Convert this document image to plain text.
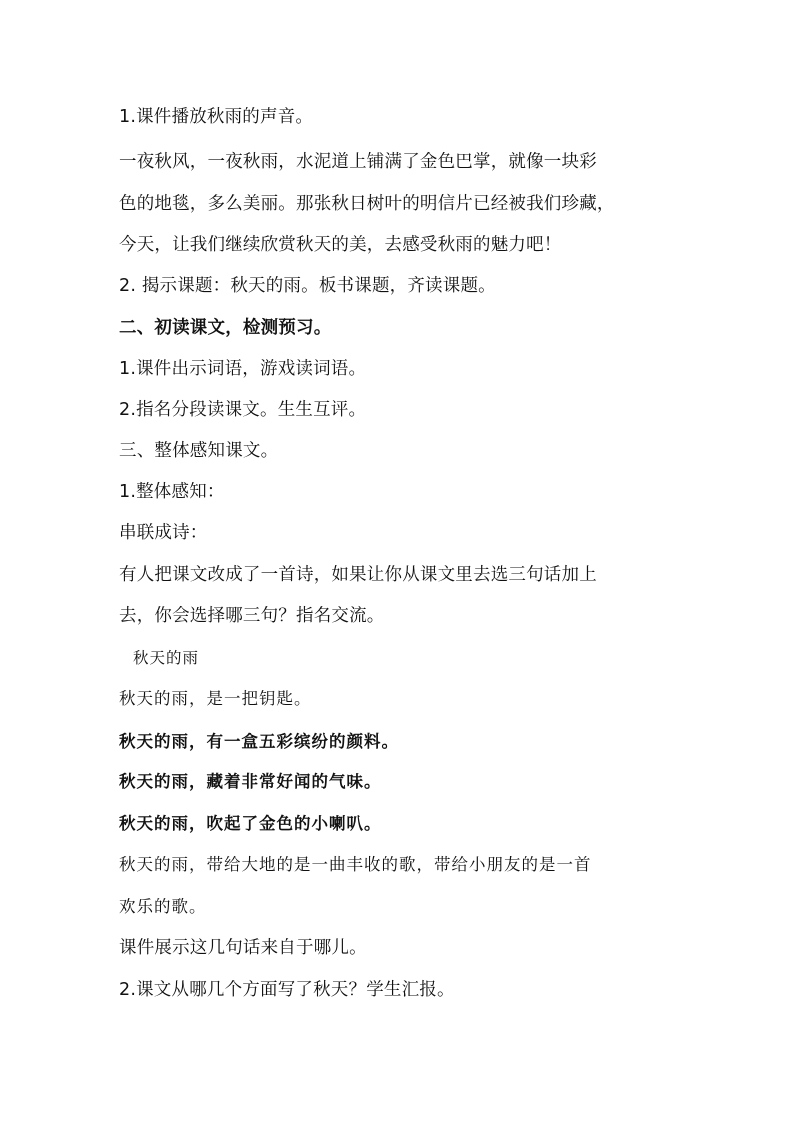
1.课件播放秋雨的声音。
一夜秋风，一夜秋雨，水泥道上铺满了金色巴掌，就像一块彩
色的地毯，多么美丽。那张秋日树叶的明信片已经被我们珍藏，
今天，让我们继续欣赏秋天的美，去感受秋雨的魅力吧！
2. 揭示课题：秋天的雨。板书课题，齐读课题。
二、初读课文，检测预习。
1.课件出示词语，游戏读词语。
2.指名分段读课文。生生互评。
三、整体感知课文。
1.整体感知：
串联成诗：
有人把课文改成了一首诗，如果让你从课文里去选三句话加上
去，你会选择哪三句？指名交流。
秋天的雨
秋天的雨，是一把钥匙。
秋天的雨，有一盒五彩缤纷的颜料。
秋天的雨，藏着非常好闻的气味。
秋天的雨，吹起了金色的小喇叭。
秋天的雨，带给大地的是一曲丰收的歌，带给小朋友的是一首
欢乐的歌。
课件展示这几句话来自于哪儿。
2.课文从哪几个方面写了秋天？学生汇报。
